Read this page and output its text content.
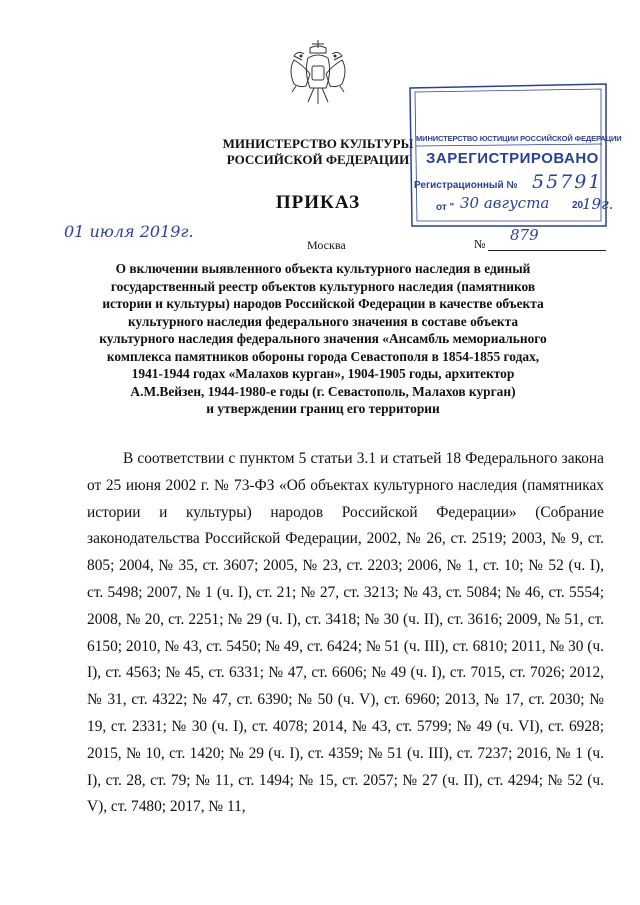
МИНИСТЕРСТВО КУЛЬТУРЫ
РОССИЙСКОЙ ФЕДЕРАЦИИ
ПРИКАЗ
МИНИСТЕРСТВО ЮСТИЦИИ РОССИЙСКОЙ ФЕДЕРАЦИИ
ЗАРЕГИСТРИРОВАНО
Регистрационный № 55791
от " 30 августа 20
19г.
01 июля 2019г.
Москва	№ 879
О включении выявленного объекта культурного наследия в единый
государственный реестр объектов культурного наследия (памятников
истории и культуры) народов Российской Федерации в качестве объекта
культурного наследия федерального значения в составе объекта
культурного наследия федерального значения «Ансамбль мемориального
комплекса памятников обороны города Севастополя в 1854-1855 годах,
1941-1944 годах «Малахов курган», 1904-1905 годы, архитектор
А.М.Вейзен, 1944-1980-е годы (г. Севастополь, Малахов курган)
и утверждении границ его территории
В соответствии с пунктом 5 статьи 3.1 и статьей 18 Федерального закона от 25 июня 2002 г. № 73-ФЗ «Об объектах культурного наследия (памятниках истории и культуры) народов Российской Федерации» (Собрание законодательства Российской Федерации, 2002, № 26, ст. 2519; 2003, № 9, ст. 805; 2004, № 35, ст. 3607; 2005, № 23, ст. 2203; 2006, № 1, ст. 10; № 52 (ч. I), ст. 5498; 2007, № 1 (ч. I), ст. 21; № 27, ст. 3213; № 43, ст. 5084; № 46, ст. 5554; 2008, № 20, ст. 2251; № 29 (ч. I), ст. 3418; № 30 (ч. II), ст. 3616; 2009, № 51, ст. 6150; 2010, № 43, ст. 5450; № 49, ст. 6424; № 51 (ч. III), ст. 6810; 2011, № 30 (ч. I), ст. 4563; № 45, ст. 6331; № 47, ст. 6606; № 49 (ч. I), ст. 7015, ст. 7026; 2012, № 31, ст. 4322; № 47, ст. 6390; № 50 (ч. V), ст. 6960; 2013, № 17, ст. 2030; № 19, ст. 2331; № 30 (ч. I), ст. 4078; 2014, № 43, ст. 5799; № 49 (ч. VI), ст. 6928; 2015, № 10, ст. 1420; № 29 (ч. I), ст. 4359; № 51 (ч. III), ст. 7237; 2016, № 1 (ч. I), ст. 28, ст. 79; № 11, ст. 1494; № 15, ст. 2057; № 27 (ч. II), ст. 4294; № 52 (ч. V), ст. 7480; 2017, № 11,
